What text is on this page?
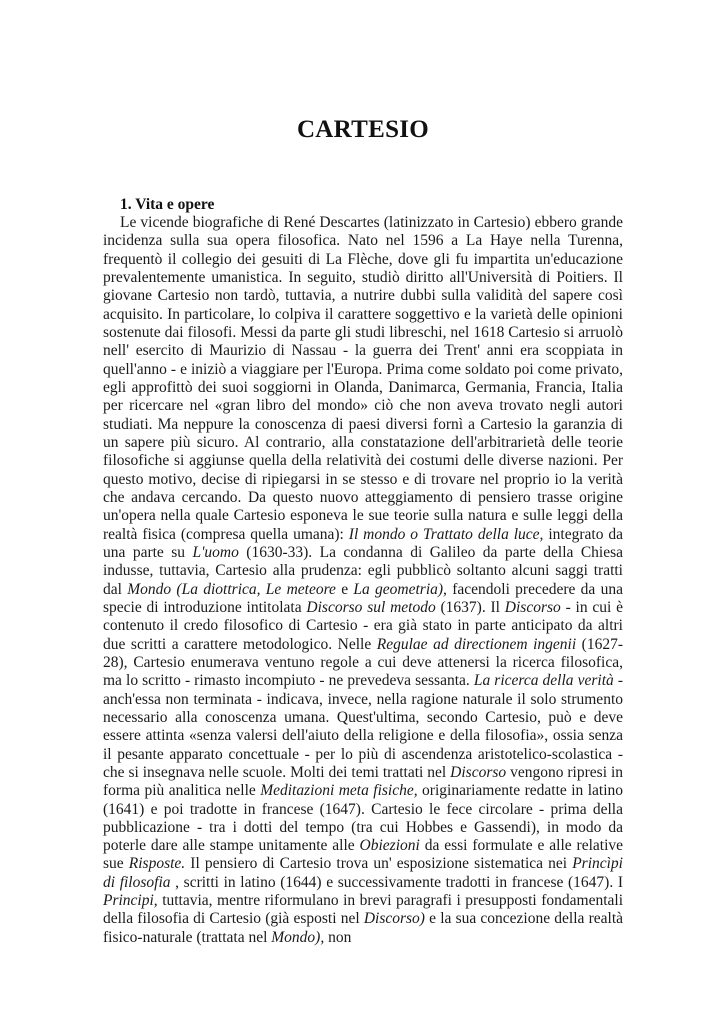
CARTESIO
1. Vita e opere

Le vicende biografiche di René Descartes (latinizzato in Cartesio) ebbero grande incidenza sulla sua opera filosofica. Nato nel 1596 a La Haye nella Turenna, frequentò il collegio dei gesuiti di La Flèche, dove gli fu impartita un'educazione prevalentemente umanistica. In seguito, studiò diritto all'Università di Poitiers. Il giovane Cartesio non tardò, tuttavia, a nutrire dubbi sulla validità del sapere così acquisito. In particolare, lo colpiva il carattere soggettivo e la varietà delle opinioni sostenute dai filosofi. Messi da parte gli studi libreschi, nel 1618 Cartesio si arruolò nell' esercito di Maurizio di Nassau - la guerra dei Trent' anni era scoppiata in quell'anno - e iniziò a viaggiare per l'Europa. Prima come soldato poi come privato, egli approfittò dei suoi soggiorni in Olanda, Danimarca, Germania, Francia, Italia per ricercare nel «gran libro del mondo» ciò che non aveva trovato negli autori studiati. Ma neppure la conoscenza di paesi diversi fornì a Cartesio la garanzia di un sapere più sicuro. Al contrario, alla constatazione dell'arbitrarietà delle teorie filosofiche si aggiunse quella della relatività dei costumi delle diverse nazioni. Per questo motivo, decise di ripiegarsi in se stesso e di trovare nel proprio io la verità che andava cercando. Da questo nuovo atteggiamento di pensiero trasse origine un'opera nella quale Cartesio esponeva le sue teorie sulla natura e sulle leggi della realtà fisica (compresa quella umana): Il mondo o Trattato della luce, integrato da una parte su L'uomo (1630-33). La condanna di Galileo da parte della Chiesa indusse, tuttavia, Cartesio alla prudenza: egli pubblicò soltanto alcuni saggi tratti dal Mondo (La diottrica, Le meteore e La geometria), facendoli precedere da una specie di introduzione intitolata Discorso sul metodo (1637). Il Discorso - in cui è contenuto il credo filosofico di Cartesio - era già stato in parte anticipato da altri due scritti a carattere metodologico. Nelle Regulae ad directionem ingenii (1627-28), Cartesio enumerava ventuno regole a cui deve attenersi la ricerca filosofica, ma lo scritto - rimasto incompiuto - ne prevedeva sessanta. La ricerca della verità - anch'essa non terminata - indicava, invece, nella ragione naturale il solo strumento necessario alla conoscenza umana. Quest'ultima, secondo Cartesio, può e deve essere attinta «senza valersi dell'aiuto della religione e della filosofia», ossia senza il pesante apparato concettuale - per lo più di ascendenza aristotelico-scolastica - che si insegnava nelle scuole. Molti dei temi trattati nel Discorso vengono ripresi in forma più analitica nelle Meditazioni meta fisiche, originariamente redatte in latino (1641) e poi tradotte in francese (1647). Cartesio le fece circolare - prima della pubblicazione - tra i dotti del tempo (tra cui Hobbes e Gassendi), in modo da poterle dare alle stampe unitamente alle Obiezioni da essi formulate e alle relative sue Risposte. Il pensiero di Cartesio trova un' esposizione sistematica nei Princìpi di filosofia , scritti in latino (1644) e successivamente tradotti in francese (1647). I Principi, tuttavia, mentre riformulano in brevi paragrafi i presupposti fondamentali della filosofia di Cartesio (già esposti nel Discorso) e la sua concezione della realtà fisico-naturale (trattata nel Mondo), non
